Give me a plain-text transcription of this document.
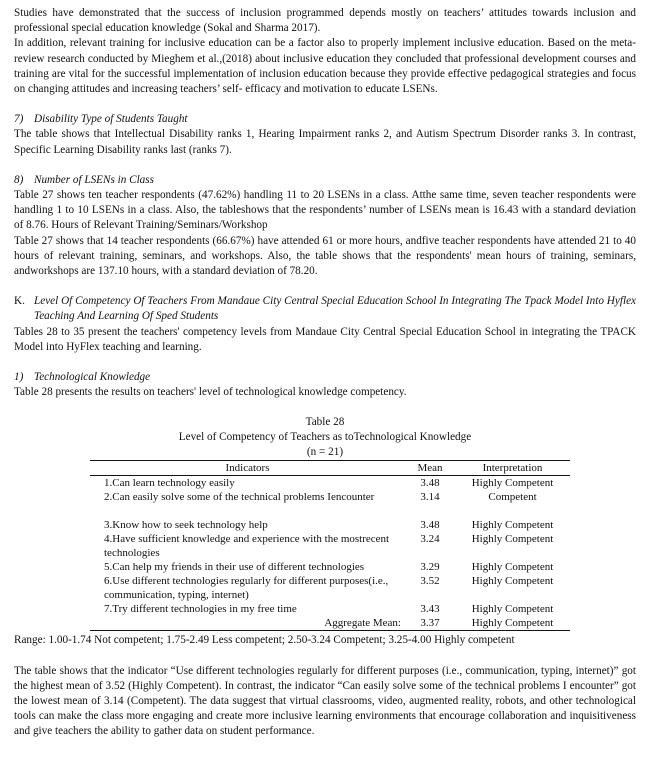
Studies have demonstrated that the success of inclusion programmed depends mostly on teachers’ attitudes towards inclusion and professional special education knowledge (Sokal and Sharma 2017).

In addition, relevant training for inclusive education can be a factor also to properly implement inclusive education. Based on the meta-review research conducted by Mieghem et al.,(2018) about inclusive education they concluded that professional development courses and training are vital for the successful implementation of inclusion education because they provide effective pedagogical strategies and focus on changing attitudes and increasing teachers’ self- efficacy and motivation to educate LSENs.

7) Disability Type of Students Taught

The table shows that Intellectual Disability ranks 1, Hearing Impairment ranks 2, and Autism Spectrum Disorder ranks 3. In contrast, Specific Learning Disability ranks last (ranks 7).

8) Number of LSENs in Class

Table 27 shows ten teacher respondents (47.62%) handling 11 to 20 LSENs in a class. Atthe same time, seven teacher respondents were handling 1 to 10 LSENs in a class. Also, the tableshows that the respondents’ number of LSENs mean is 16.43 with a standard deviation of 8.76. Hours of Relevant Training/Seminars/Workshop

Table 27 shows that 14 teacher respondents (66.67%) have attended 61 or more hours, andfive teacher respondents have attended 21 to 40 hours of relevant training, seminars, and workshops. Also, the table shows that the respondents' mean hours of training, seminars, andworkshops are 137.10 hours, with a standard deviation of 78.20.

K. Level Of Competency Of Teachers From Mandaue City Central Special Education School In Integrating The Tpack Model Into Hyflex Teaching And Learning Of Sped Students

Tables 28 to 35 present the teachers' competency levels from Mandaue City Central Special Education School in integrating the TPACK Model into HyFlex teaching and learning.

1) Technological Knowledge

Table 28 presents the results on teachers' level of technological knowledge competency.

Table 28

Level of Competency of Teachers as toTechnological Knowledge

(n = 21)

Indicators	Mean	Interpretation
1.Can learn technology easily	3.48	Highly Competent
2.Can easily solve some of the technical problems Iencounter	3.14	Competent

3.Know how to seek technology help	3.48	Highly Competent
4.Have sufficient knowledge and experience with the mostrecent technologies	3.24	Highly Competent
5.Can help my friends in their use of different technologies	3.29	Highly Competent
6.Use different technologies regularly for different purposes(i.e., communication, typing, internet)	3.52	Highly Competent
7.Try different technologies in my free time	3.43	Highly Competent
Aggregate Mean:	3.37	Highly Competent

Range: 1.00-1.74 Not competent; 1.75-2.49 Less competent; 2.50-3.24 Competent; 3.25-4.00 Highly competent

The table shows that the indicator “Use different technologies regularly for different purposes (i.e., communication, typing, internet)” got the highest mean of 3.52 (Highly Competent). In contrast, the indicator “Can easily solve some of the technical problems I encounter” got the lowest mean of 3.14 (Competent). The data suggest that virtual classrooms, video, augmented reality, robots, and other technological tools can make the class more engaging and create more inclusive learning environments that encourage collaboration and inquisitiveness and give teachers the ability to gather data on student performance.
